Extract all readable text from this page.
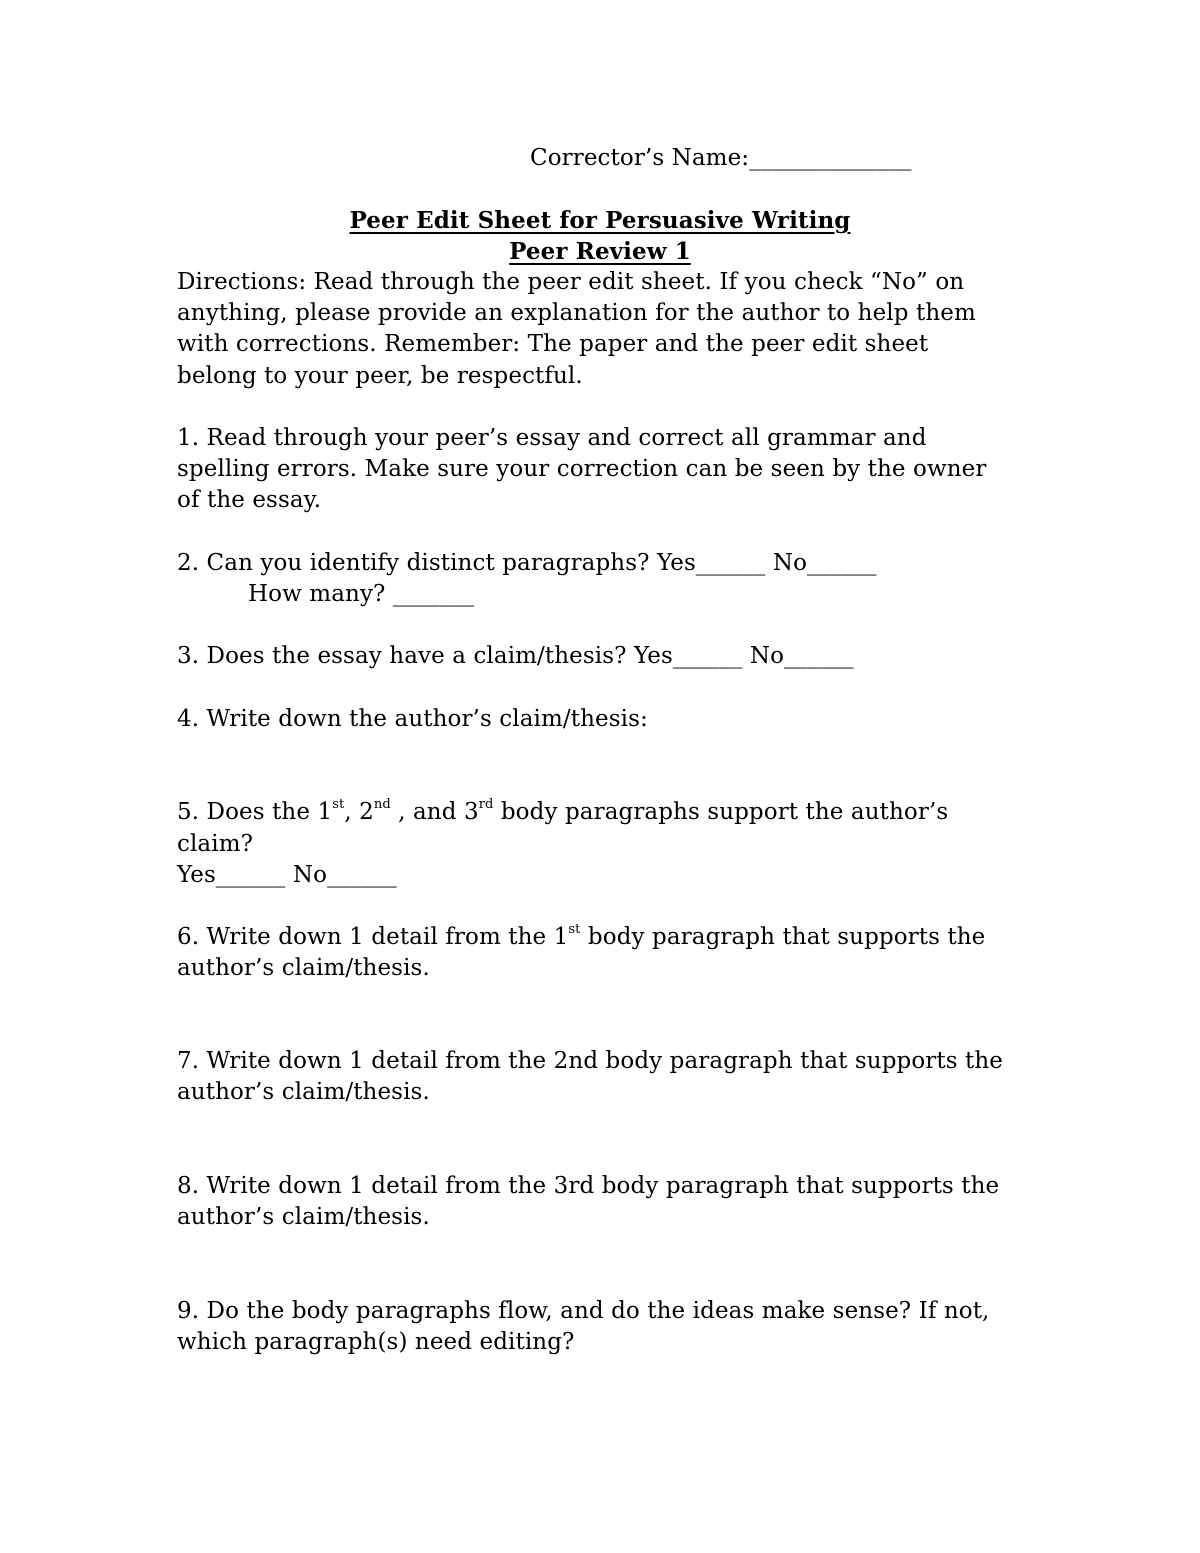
Corrector’s Name:______________
Peer Edit Sheet for Persuasive Writing
Peer Review 1
Directions: Read through the peer edit sheet. If you check “No” on
anything, please provide an explanation for the author to help them
with corrections. Remember: The paper and the peer edit sheet
belong to your peer, be respectful.
1. Read through your peer’s essay and correct all grammar and
spelling errors. Make sure your correction can be seen by the owner
of the essay.
2. Can you identify distinct paragraphs? Yes______ No______
How many? _______
3. Does the essay have a claim/thesis? Yes______ No______
4. Write down the author’s claim/thesis:
5. Does the 1st, 2nd , and 3rd body paragraphs support the author’s
claim?
Yes______ No______
6. Write down 1 detail from the 1st body paragraph that supports the
author’s claim/thesis.
7. Write down 1 detail from the 2nd body paragraph that supports the
author’s claim/thesis.
8. Write down 1 detail from the 3rd body paragraph that supports the
author’s claim/thesis.
9. Do the body paragraphs flow, and do the ideas make sense? If not,
which paragraph(s) need editing?
